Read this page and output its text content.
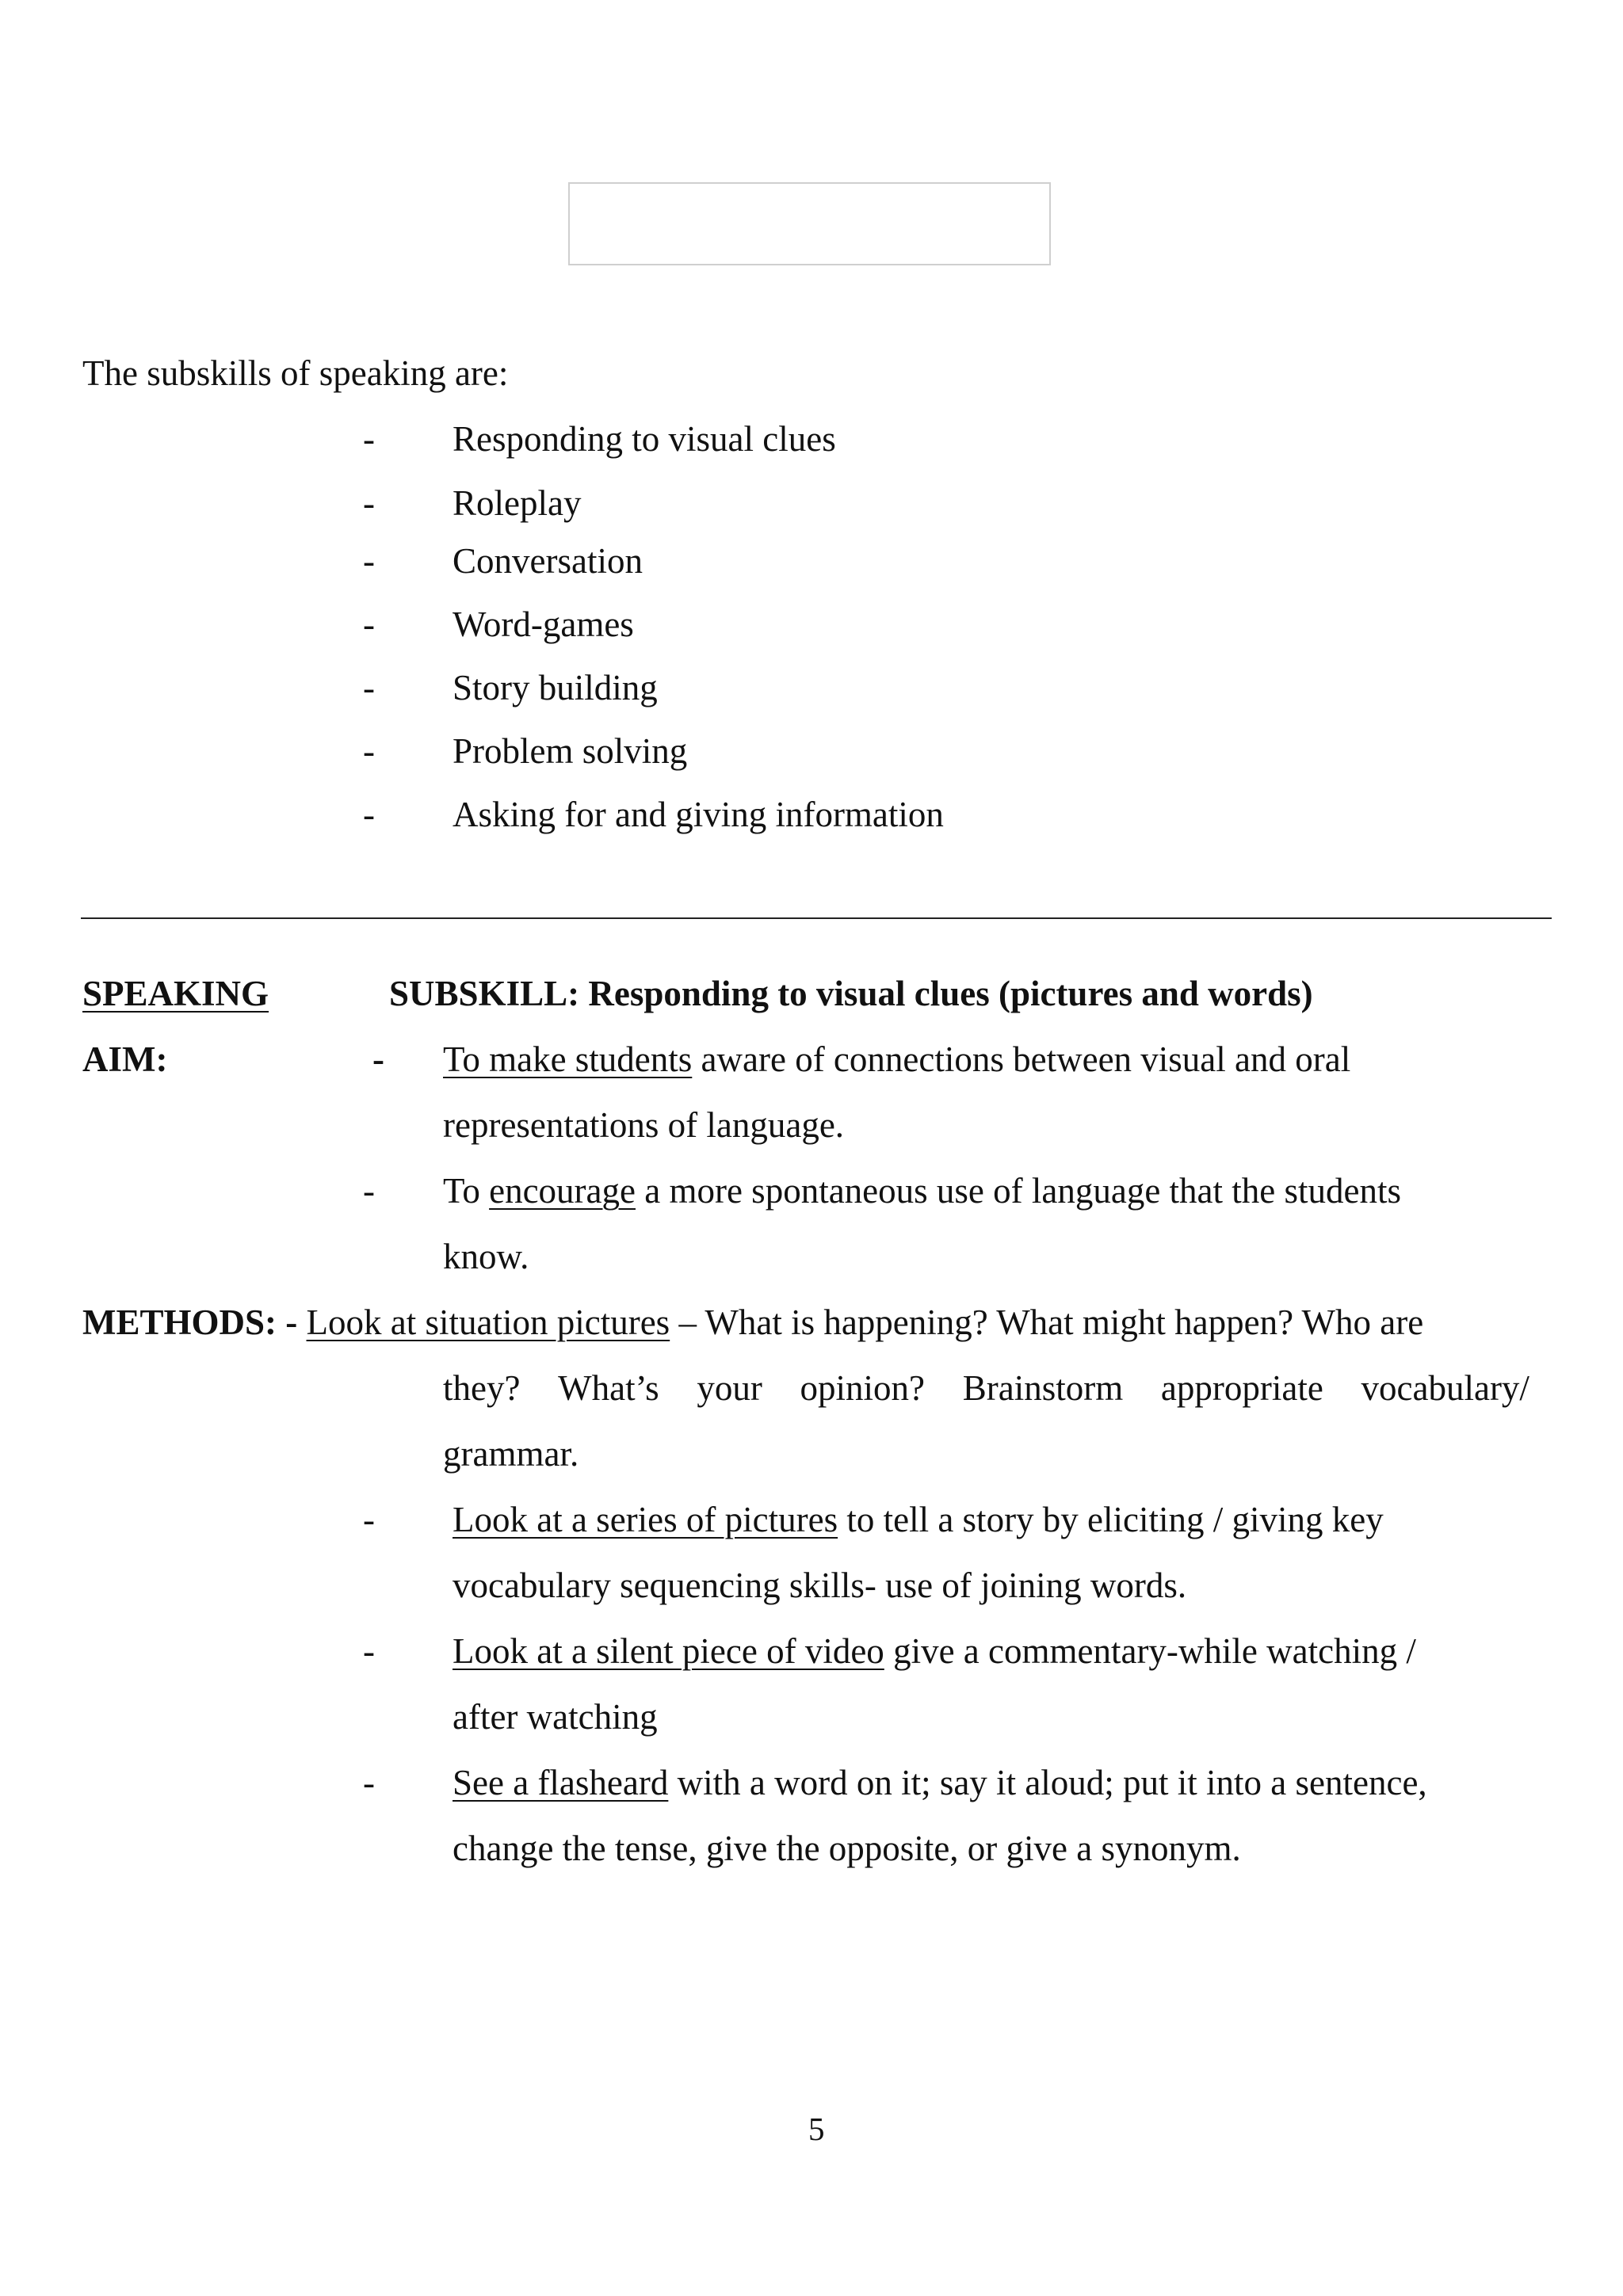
The subskills of speaking are:
- Responding to visual clues
- Roleplay
- Conversation
- Word-games
- Story building
- Problem solving
- Asking for and giving information
SPEAKING	SUBSKILL: Responding to visual clues (pictures and words)
AIM:	- To make students aware of connections between visual and oral
representations of language.
- To encourage a more spontaneous use of language that the students
know.
METHODS: - Look at situation pictures – What is happening? What might happen? Who are
they? What’s your opinion? Brainstorm appropriate vocabulary/
grammar.
- Look at a series of pictures to tell a story by eliciting / giving key
vocabulary sequencing skills- use of joining words.
- Look at a silent piece of video give a commentary-while watching /
after watching
- See a flasheard with a word on it; say it aloud; put it into a sentence,
change the tense, give the opposite, or give a synonym.
5
